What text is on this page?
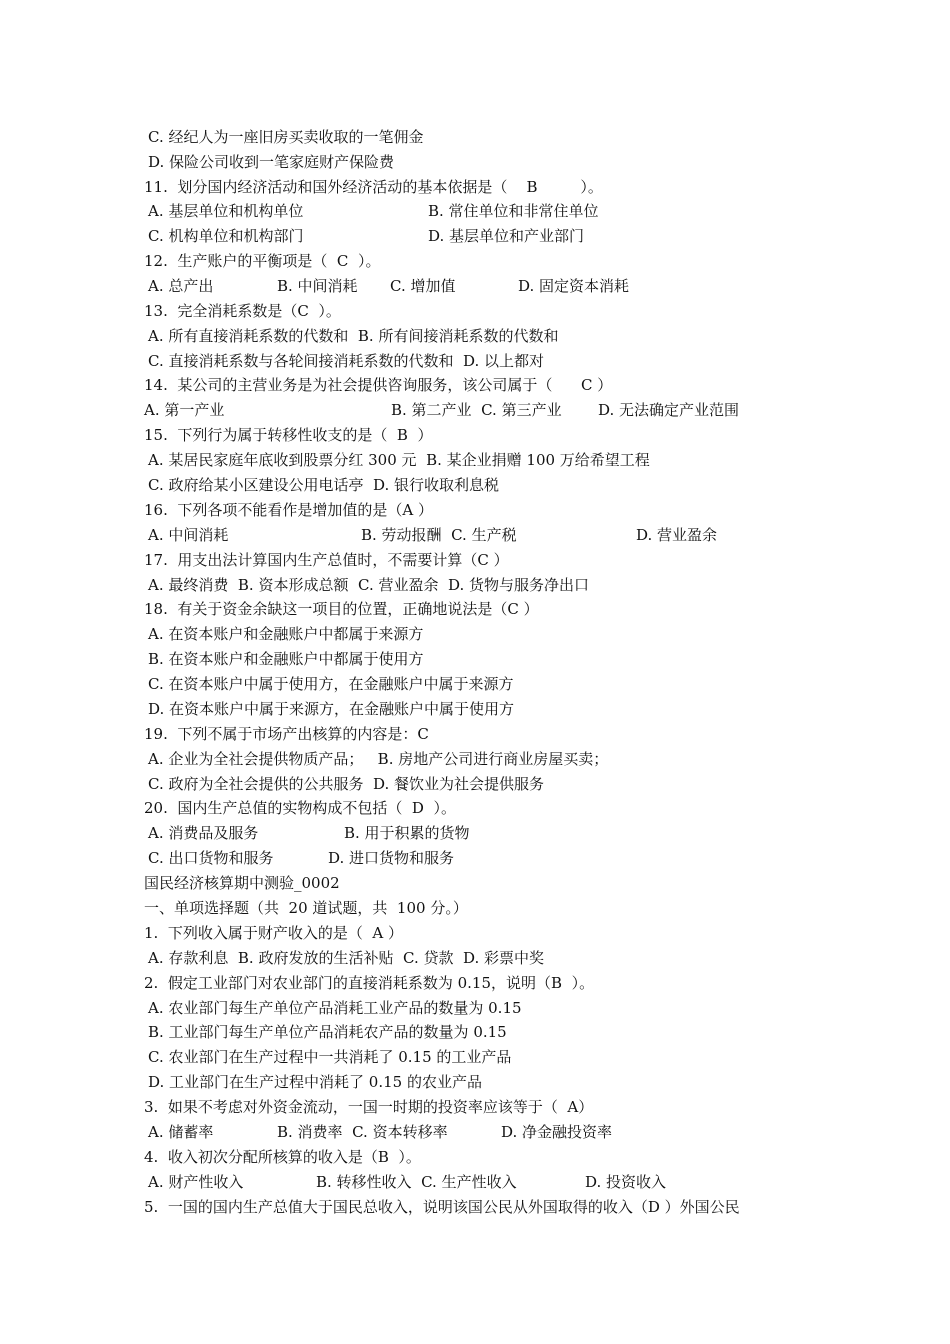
C. 经纪人为一座旧房买卖收取的一笔佣金
D. 保险公司收到一笔家庭财产保险费
11.  划分国内经济活动和国外经济活动的基本依据是（    B         ）。
A. 基层单位和机构单位	B. 常住单位和非常住单位
C. 机构单位和机构部门	D. 基层单位和产业部门
12.  生产账户的平衡项是（  C  ）。
A. 总产出	B. 中间消耗 C. 增加值	D. 固定资本消耗
13.  完全消耗系数是（C  ）。
A. 所有直接消耗系数的代数和  B. 所有间接消耗系数的代数和
C. 直接消耗系数与各轮间接消耗系数的代数和  D. 以上都对
14.  某公司的主营业务是为社会提供咨询服务，该公司属于（      C ）
A. 第一产业	B. 第二产业  C. 第三产业 D. 无法确定产业范围
15.  下列行为属于转移性收支的是（  B  ）
A. 某居民家庭年底收到股票分红 300 元  B. 某企业捐赠 100 万给希望工程
C. 政府给某小区建设公用电话亭  D. 银行收取利息税
16.  下列各项不能看作是增加值的是（A ）
A. 中间消耗	B. 劳动报酬  C. 生产税	D. 营业盈余
17.  用支出法计算国内生产总值时，不需要计算（C ）
A. 最终消费  B. 资本形成总额  C. 营业盈余  D. 货物与服务净出口
18.  有关于资金余缺这一项目的位置，正确地说法是（C ）
A. 在资本账户和金融账户中都属于来源方
B. 在资本账户和金融账户中都属于使用方
C. 在资本账户中属于使用方，在金融账户中属于来源方
D. 在资本账户中属于来源方，在金融账户中属于使用方
19.  下列不属于市场产出核算的内容是：C
A. 企业为全社会提供物质产品；   B. 房地产公司进行商业房屋买卖；
C. 政府为全社会提供的公共服务  D. 餐饮业为社会提供服务
20.  国内生产总值的实物构成不包括（  D  ）。
A. 消费品及服务	B. 用于积累的货物
C. 出口货物和服务	D. 进口货物和服务
国民经济核算期中测验_0002
一、单项选择题（共  20 道试题，共  100 分。）
1.  下列收入属于财产收入的是（  A ）
A. 存款利息  B. 政府发放的生活补贴  C. 贷款  D. 彩票中奖
2.  假定工业部门对农业部门的直接消耗系数为 0.15，说明（B  ）。
A. 农业部门每生产单位产品消耗工业产品的数量为 0.15
B. 工业部门每生产单位产品消耗农产品的数量为 0.15
C. 农业部门在生产过程中一共消耗了 0.15 的工业产品
D. 工业部门在生产过程中消耗了 0.15 的农业产品
3.  如果不考虑对外资金流动，一国一时期的投资率应该等于（  A）
A. 储蓄率	B. 消费率  C. 资本转移率	D. 净金融投资率
4.  收入初次分配所核算的收入是（B  ）。
A. 财产性收入	B. 转移性收入  C. 生产性收入	D. 投资收入
5.  一国的国内生产总值大于国民总收入，说明该国公民从外国取得的收入（D ）外国公民
